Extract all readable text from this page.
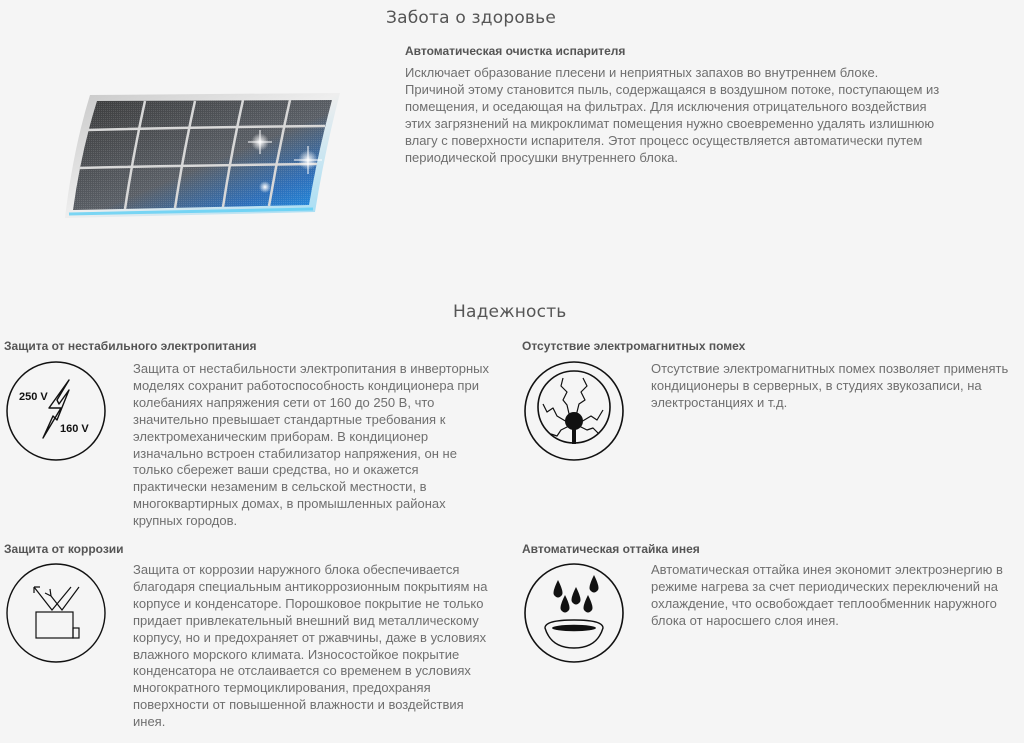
Забота о здоровье
Автоматическая очистка испарителя

Исключает образование плесени и неприятных запахов во внутреннем блоке. Причиной этому становится пыль, содержащаяся в воздушном потоке, поступающем из помещения, и оседающая на фильтрах. Для исключения отрицательного воздействия этих загрязнений на микроклимат помещения нужно своевременно удалять излишнюю влагу с поверхности испарителя. Этот процесс осуществляется автоматически путем периодической просушки внутреннего блока.

Надежность
Защита от нестабильного электропитания
250 V
160 V

Защита от нестабильности электропитания в инверторных моделях сохранит работоспособность кондиционера при колебаниях напряжения сети от 160 до 250 В, что значительно превышает стандартные требования к электромеханическим приборам. В кондиционер изначально встроен стабилизатор напряжения, он не только сбережет ваши средства, но и окажется практически незаменим в сельской местности, в многоквартирных домах, в промышленных районах крупных городов.

Отсутствие электромагнитных помех

Отсутствие электромагнитных помех позволяет применять кондиционеры в серверных, в студиях звукозаписи, на электростанциях и т.д.

Защита от коррозии

Защита от коррозии наружного блока обеспечивается благодаря специальным антикоррозионным покрытиям на корпусе и конденсаторе. Порошковое покрытие не только придает привлекательный внешний вид металлическому корпусу, но и предохраняет от ржавчины, даже в условиях влажного морского климата. Износостойкое покрытие конденсатора не отслаивается со временем в условиях многократного термоциклирования, предохраняя поверхности от повышенной влажности и воздействия инея.

Автоматическая оттайка инея

Автоматическая оттайка инея экономит электроэнергию в режиме нагрева за счет периодических переключений на охлаждение, что освобождает теплообменник наружного блока от наросшего слоя инея.
